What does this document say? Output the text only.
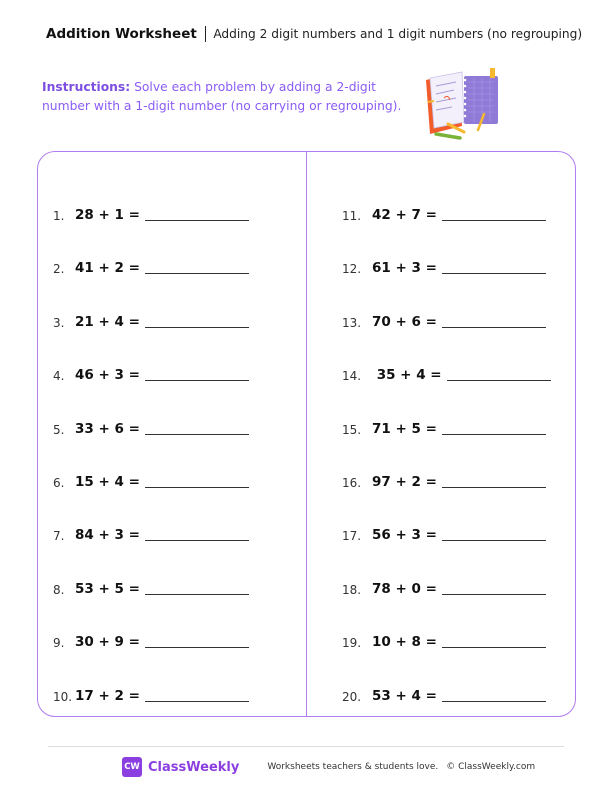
Addition Worksheet Adding 2 digit numbers and 1 digit numbers (no regrouping)
Instructions: Solve each problem by adding a 2-digit number with a 1-digit number (no carrying or regrouping).
1. 28 + 1 =
2. 41 + 2 =
3. 21 + 4 =
4. 46 + 3 =
5. 33 + 6 =
6. 15 + 4 =
7. 84 + 3 =
8. 53 + 5 =
9. 30 + 9 =
10. 17 + 2 =
11. 42 + 7 =
12. 61 + 3 =
13. 70 + 6 =
14. 35 + 4 =
15. 71 + 5 =
16. 97 + 2 =
17. 56 + 3 =
18. 78 + 0 =
19. 10 + 8 =
20. 53 + 4 =
CW ClassWeekly	Worksheets teachers & students love. © ClassWeekly.com
